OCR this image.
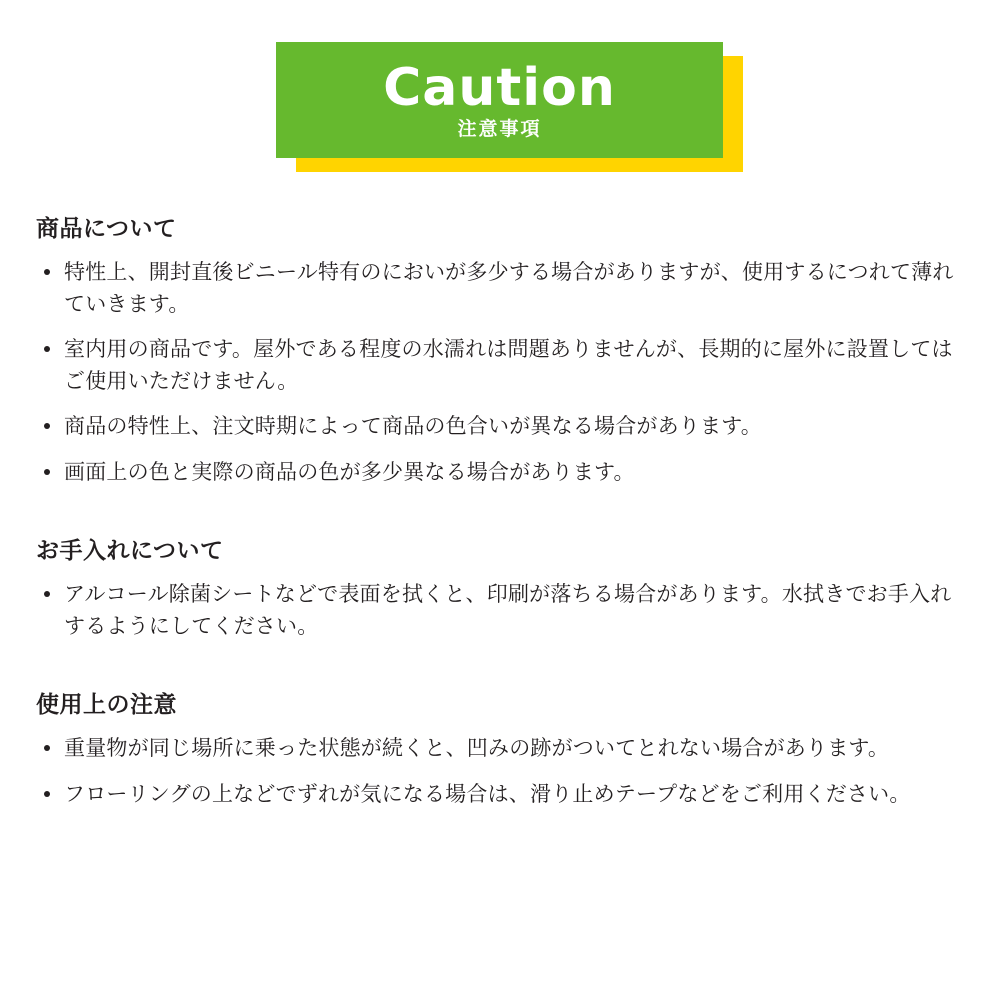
Caution
注意事項
商品について
特性上、開封直後ビニール特有のにおいが多少する場合がありますが、使用するにつれて薄れていきます。
室内用の商品です。屋外である程度の水濡れは問題ありませんが、長期的に屋外に設置してはご使用いただけません。
商品の特性上、注文時期によって商品の色合いが異なる場合があります。
画面上の色と実際の商品の色が多少異なる場合があります。
お手入れについて
アルコール除菌シートなどで表面を拭くと、印刷が落ちる場合があります。水拭きでお手入れするようにしてください。
使用上の注意
重量物が同じ場所に乗った状態が続くと、凹みの跡がついてとれない場合があります。
フローリングの上などでずれが気になる場合は、滑り止めテープなどをご利用ください。
